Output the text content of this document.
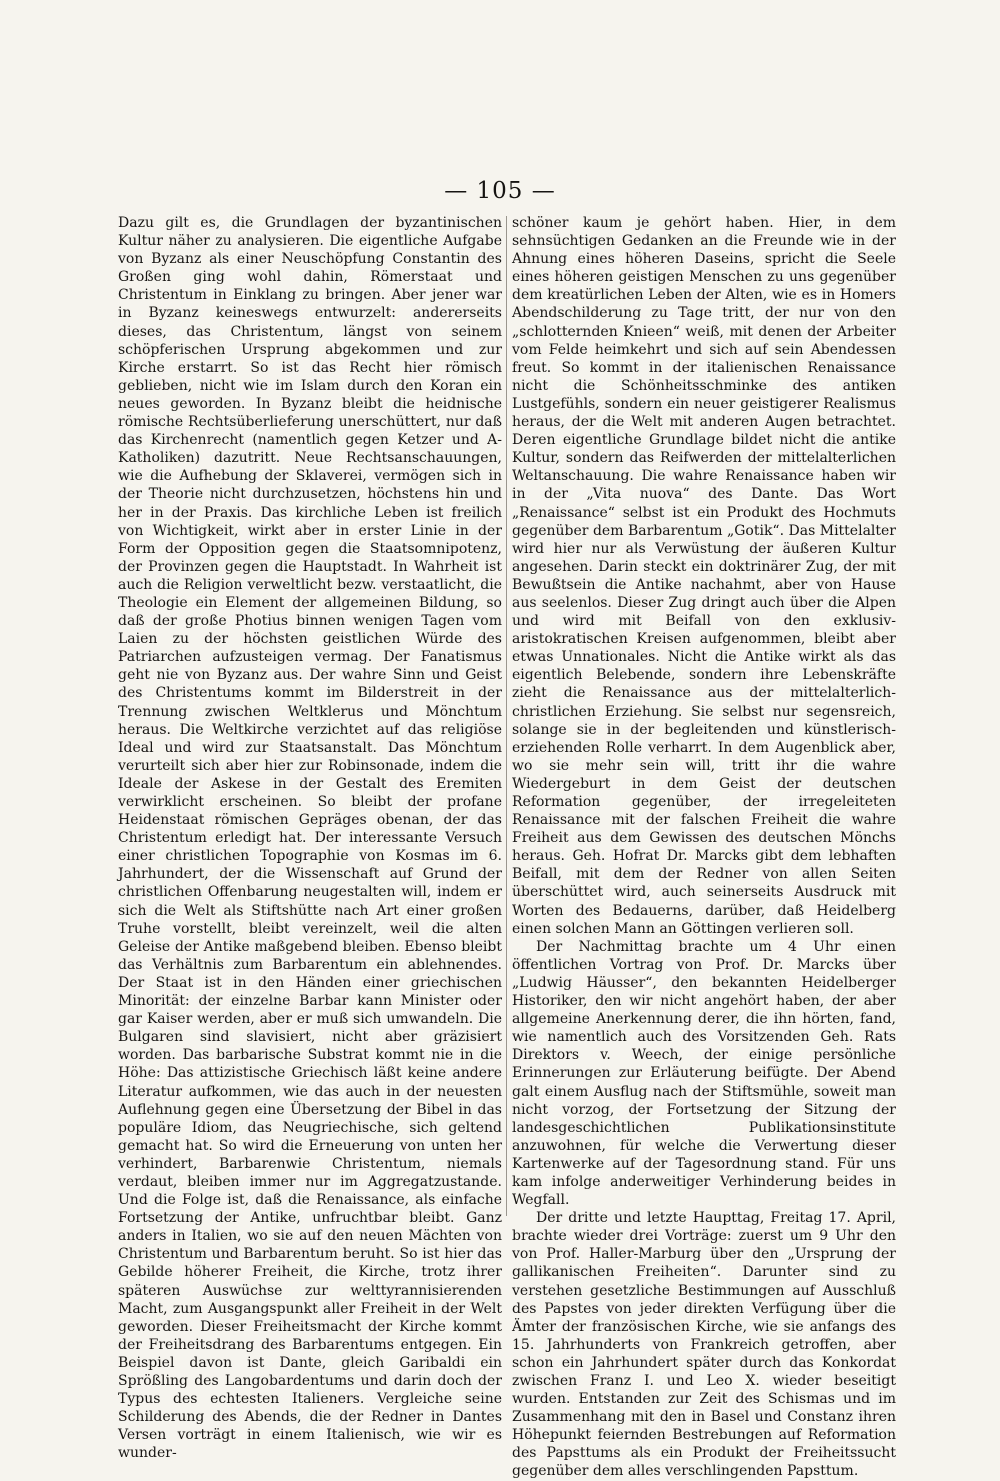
— 105 —

Dazu gilt es, die Grundlagen der byzantinischen Kultur näher zu analysieren. Die eigentliche Aufgabe von Byzanz als einer Neuschöpfung Constantin des Großen ging wohl dahin, Römerstaat und Christentum in Einklang zu bringen. Aber jener war in Byzanz keineswegs entwurzelt: andererseits dieses, das Christentum, längst von seinem schöpferischen Ursprung abgekommen und zur Kirche erstarrt. So ist das Recht hier römisch geblieben, nicht wie im Islam durch den Koran ein neues geworden. In Byzanz bleibt die heidnische römische Rechtsüberlieferung unerschüttert, nur daß das Kirchenrecht (namentlich gegen Ketzer und A-Katholiken) dazutritt. Neue Rechtsanschauungen, wie die Aufhebung der Sklaverei, vermögen sich in der Theorie nicht durchzusetzen, höchstens hin und her in der Praxis. Das kirchliche Leben ist freilich von Wichtigkeit, wirkt aber in erster Linie in der Form der Opposition gegen die Staatsomnipotenz, der Provinzen gegen die Hauptstadt. In Wahrheit ist auch die Religion verweltlicht bezw. verstaatlicht, die Theologie ein Element der allgemeinen Bildung, so daß der große Photius binnen wenigen Tagen vom Laien zu der höchsten geistlichen Würde des Patriarchen aufzusteigen vermag. Der Fanatismus geht nie von Byzanz aus. Der wahre Sinn und Geist des Christentums kommt im Bilderstreit in der Trennung zwischen Weltklerus und Mönchtum heraus. Die Weltkirche verzichtet auf das religiöse Ideal und wird zur Staatsanstalt. Das Mönchtum verurteilt sich aber hier zur Robinsonade, indem die Ideale der Askese in der Gestalt des Eremiten verwirklicht erscheinen. So bleibt der profane Heidenstaat römischen Gepräges obenan, der das Christentum erledigt hat. Der interessante Versuch einer christlichen Topographie von Kosmas im 6. Jahrhundert, der die Wissenschaft auf Grund der christlichen Offenbarung neugestalten will, indem er sich die Welt als Stiftshütte nach Art einer großen Truhe vorstellt, bleibt vereinzelt, weil die alten Geleise der Antike maßgebend bleiben. Ebenso bleibt das Verhältnis zum Barbarentum ein ablehnendes. Der Staat ist in den Händen einer griechischen Minorität: der einzelne Barbar kann Minister oder gar Kaiser werden, aber er muß sich umwandeln. Die Bulgaren sind slavisiert, nicht aber gräzisiert worden. Das barbarische Substrat kommt nie in die Höhe: Das attizistische Griechisch läßt keine andere Literatur aufkommen, wie das auch in der neuesten Auflehnung gegen eine Übersetzung der Bibel in das populäre Idiom, das Neugriechische, sich geltend gemacht hat. So wird die Erneuerung von unten her verhindert, Barbarenwie Christentum, niemals verdaut, bleiben immer nur im Aggregatzustande. Und die Folge ist, daß die Renaissance, als einfache Fortsetzung der Antike, unfruchtbar bleibt. Ganz anders in Italien, wo sie auf den neuen Mächten von Christentum und Barbarentum beruht. So ist hier das Gebilde höherer Freiheit, die Kirche, trotz ihrer späteren Auswüchse zur welttyrannisierenden Macht, zum Ausgangspunkt aller Freiheit in der Welt geworden. Dieser Freiheitsmacht der Kirche kommt der Freiheitsdrang des Barbarentums entgegen. Ein Beispiel davon ist Dante, gleich Garibaldi ein Sprößling des Langobardentums und darin doch der Typus des echtesten Italieners. Vergleiche seine Schilderung des Abends, die der Redner in Dantes Versen vorträgt in einem Italienisch, wie wir es wunder-

schöner kaum je gehört haben. Hier, in dem sehnsüchtigen Gedanken an die Freunde wie in der Ahnung eines höheren Daseins, spricht die Seele eines höheren geistigen Menschen zu uns gegenüber dem kreatürlichen Leben der Alten, wie es in Homers Abendschilderung zu Tage tritt, der nur von den „schlotternden Knieen“ weiß, mit denen der Arbeiter vom Felde heimkehrt und sich auf sein Abendessen freut. So kommt in der italienischen Renaissance nicht die Schönheitsschminke des antiken Lustgefühls, sondern ein neuer geistigerer Realismus heraus, der die Welt mit anderen Augen betrachtet. Deren eigentliche Grundlage bildet nicht die antike Kultur, sondern das Reifwerden der mittelalterlichen Weltanschauung. Die wahre Renaissance haben wir in der „Vita nuova“ des Dante. Das Wort „Renaissance“ selbst ist ein Produkt des Hochmuts gegenüber dem Barbarentum „Gotik“. Das Mittelalter wird hier nur als Verwüstung der äußeren Kultur angesehen. Darin steckt ein doktrinärer Zug, der mit Bewußtsein die Antike nachahmt, aber von Hause aus seelenlos. Dieser Zug dringt auch über die Alpen und wird mit Beifall von den exklusiv-aristokratischen Kreisen aufgenommen, bleibt aber etwas Unnationales. Nicht die Antike wirkt als das eigentlich Belebende, sondern ihre Lebenskräfte zieht die Renaissance aus der mittelalterlich-christlichen Erziehung. Sie selbst nur segensreich, solange sie in der begleitenden und künstlerisch-erziehenden Rolle verharrt. In dem Augenblick aber, wo sie mehr sein will, tritt ihr die wahre Wiedergeburt in dem Geist der deutschen Reformation gegenüber, der irregeleiteten Renaissance mit der falschen Freiheit die wahre Freiheit aus dem Gewissen des deutschen Mönchs heraus. Geh. Hofrat Dr. Marcks gibt dem lebhaften Beifall, mit dem der Redner von allen Seiten überschüttet wird, auch seinerseits Ausdruck mit Worten des Bedauerns, darüber, daß Heidelberg einen solchen Mann an Göttingen verlieren soll.

Der Nachmittag brachte um 4 Uhr einen öffentlichen Vortrag von Prof. Dr. Marcks über „Ludwig Häusser“, den bekannten Heidelberger Historiker, den wir nicht angehört haben, der aber allgemeine Anerkennung derer, die ihn hörten, fand, wie namentlich auch des Vorsitzenden Geh. Rats Direktors v. Weech, der einige persönliche Erinnerungen zur Erläuterung beifügte. Der Abend galt einem Ausflug nach der Stiftsmühle, soweit man nicht vorzog, der Fortsetzung der Sitzung der landesgeschichtlichen Publikationsinstitute anzuwohnen, für welche die Verwertung dieser Kartenwerke auf der Tagesordnung stand. Für uns kam infolge anderweitiger Verhinderung beides in Wegfall.

Der dritte und letzte Haupttag, Freitag 17. April, brachte wieder drei Vorträge: zuerst um 9 Uhr den von Prof. Haller-Marburg über den „Ursprung der gallikanischen Freiheiten“. Darunter sind zu verstehen gesetzliche Bestimmungen auf Ausschluß des Papstes von jeder direkten Verfügung über die Ämter der französischen Kirche, wie sie anfangs des 15. Jahrhunderts von Frankreich getroffen, aber schon ein Jahrhundert später durch das Konkordat zwischen Franz I. und Leo X. wieder beseitigt wurden. Entstanden zur Zeit des Schismas und im Zusammenhang mit den in Basel und Constanz ihren Höhepunkt feiernden Bestrebungen auf Reformation des Papsttums als ein Produkt der Freiheitssucht gegenüber dem alles verschlingenden Papsttum.
